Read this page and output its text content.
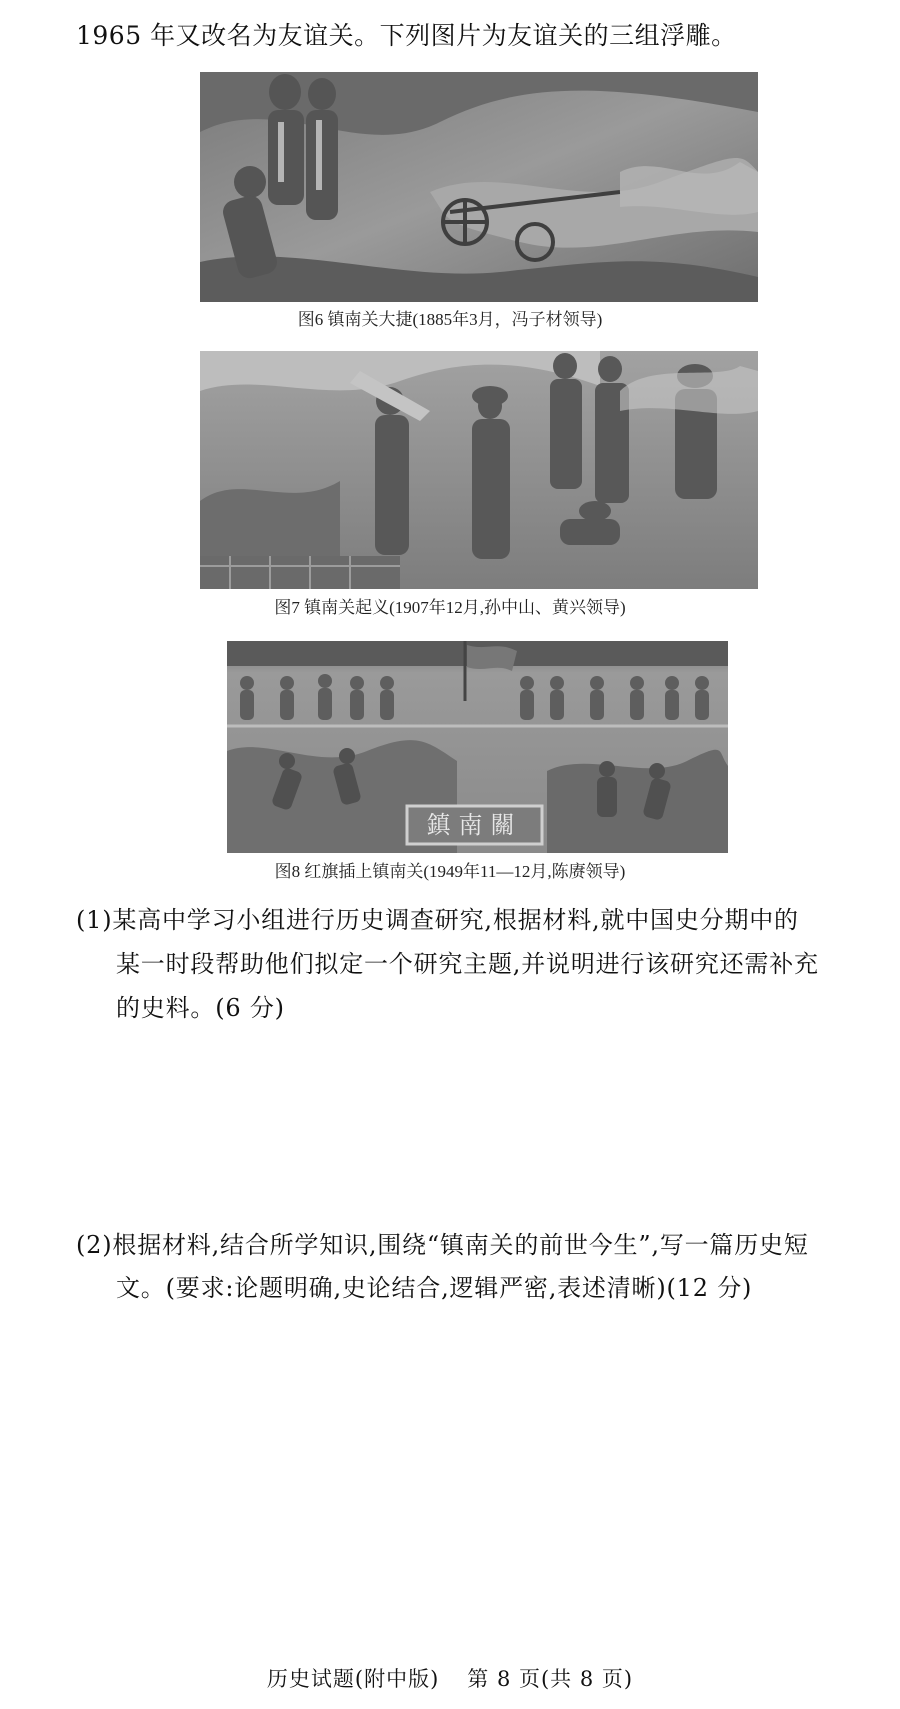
1965 年又改名为友谊关。下列图片为友谊关的三组浮雕。
图6 镇南关大捷(1885年3月，冯子材领导)
图7 镇南关起义(1907年12月,孙中山、黄兴领导)
鎮南關
图8 红旗插上镇南关(1949年11—12月,陈赓领导)
(1)某高中学习小组进行历史调查研究,根据材料,就中国史分期中的
某一时段帮助他们拟定一个研究主题,并说明进行该研究还需补充
的史料。(6 分)
(2)根据材料,结合所学知识,围绕“镇南关的前世今生”,写一篇历史短
文。(要求:论题明确,史论结合,逻辑严密,表述清晰)(12 分)
历史试题(附中版) 第 8 页(共 8 页)
